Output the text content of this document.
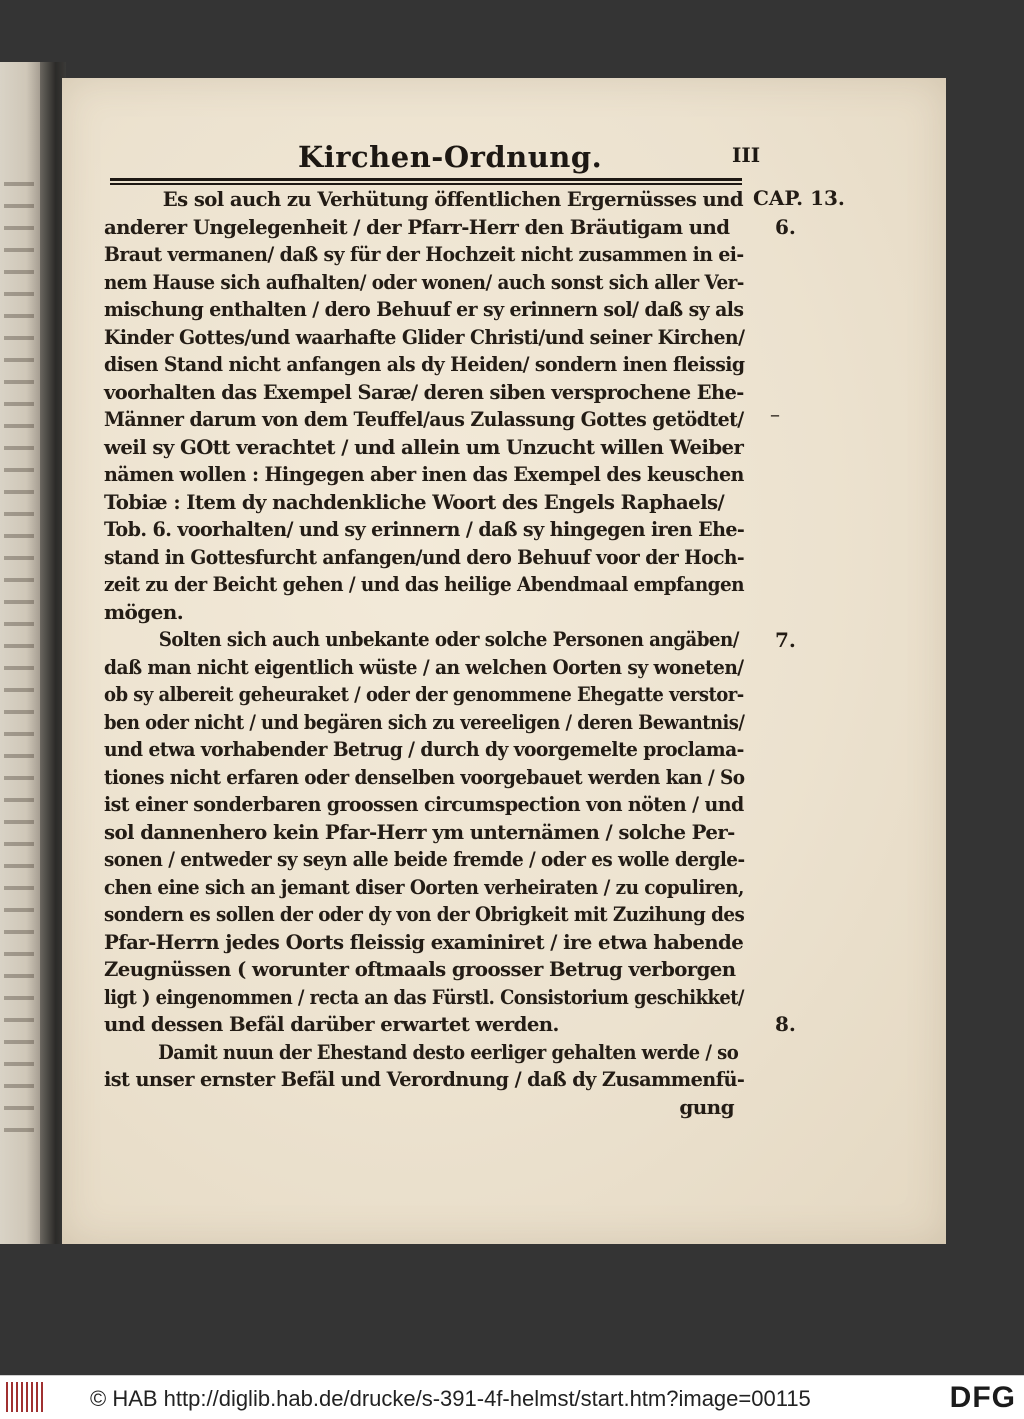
Kirchen-Ordnung.	III
CAP. 13.
6.
–
7.
8.
Es sol auch zu Verhütung öffentlichen Ergernüsses und
anderer Ungelegenheit / der Pfarr-Herr den Bräutigam und
Braut vermanen/ daß sy für der Hochzeit nicht zusammen in ei-
nem Hause sich aufhalten/ oder wonen/ auch sonst sich aller Ver-
mischung enthalten / dero Behuuf er sy erinnern sol/ daß sy als
Kinder Gottes/und waarhafte Glider Christi/und seiner Kirchen/
disen Stand nicht anfangen als dy Heiden/ sondern inen fleissig
voorhalten das Exempel Saræ/ deren siben versprochene Ehe-
Männer darum von dem Teuffel/aus Zulassung Gottes getödtet/
weil sy GOtt verachtet / und allein um Unzucht willen Weiber
nämen wollen : Hingegen aber inen das Exempel des keuschen
Tobiæ : Item dy nachdenkliche Woort des Engels Raphaels/
Tob. 6. voorhalten/ und sy erinnern / daß sy hingegen iren Ehe-
stand in Gottesfurcht anfangen/und dero Behuuf voor der Hoch-
zeit zu der Beicht gehen / und das heilige Abendmaal empfangen
mögen.
Solten sich auch unbekante oder solche Personen angäben/
daß man nicht eigentlich wüste / an welchen Oorten sy woneten/
ob sy albereit geheuraket / oder der genommene Ehegatte verstor-
ben oder nicht / und begären sich zu vereeligen / deren Bewantnis/
und etwa vorhabender Betrug / durch dy voorgemelte proclama-
tiones nicht erfaren oder denselben voorgebauet werden kan / So
ist einer sonderbaren groossen circumspection von nöten / und
sol dannenhero kein Pfar-Herr ym unternämen / solche Per-
sonen / entweder sy seyn alle beide fremde / oder es wolle dergle-
chen eine sich an jemant diser Oorten verheiraten / zu copuliren,
sondern es sollen der oder dy von der Obrigkeit mit Zuzihung des
Pfar-Herrn jedes Oorts fleissig examiniret / ire etwa habende
Zeugnüssen ( worunter oftmaals groosser Betrug verborgen
ligt ) eingenommen / recta an das Fürstl. Consistorium geschikket/
und dessen Befäl darüber erwartet werden.
Damit nuun der Ehestand desto eerliger gehalten werde / so
ist unser ernster Befäl und Verordnung / daß dy Zusammenfü-
gung
© HAB http://diglib.hab.de/drucke/s-391-4f-helmst/start.htm?image=00115	DFG
